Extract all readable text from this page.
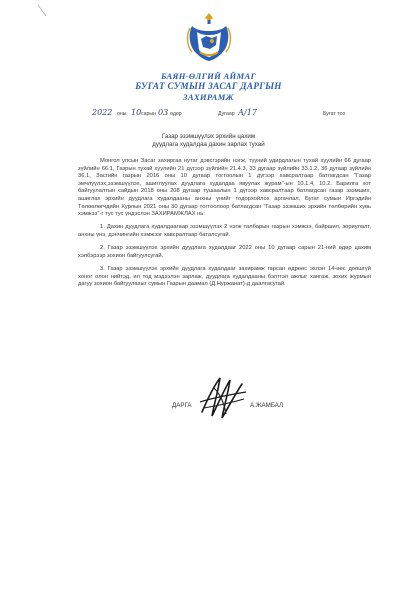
БАЯН-ӨЛГИЙ АЙМАГ
БУГАТ СУМЫН ЗАСАГ ДАРГЫН
ЗАХИРАМЖ
2022 оны 10 сарын 03 өдөр	Дугаар А/17	Бугат тоо
Газар эзэмшүүлэх эрхийн цахим
дуудлага худалдаа дахин зарлах тухай

Монгол улсын Засаг захиргаа нутаг дэвсгэрийн нэгж, түүний удирдлагын тухай хуулийн 66 дугаар зүйлийн 66.1, Газрын тухай хуулийн 21 дүгээр зүйлийн 21.4.3, 33 дугаар зүйлийн 33.1.2, 36 дугаар зүйлийн 36.1, Засгийн газрын 2016 оны 10 дугаар тогтоолын 1 дүгээр хавсралтаар батлагдсан "Газар эмчлүүлэх,эзэмшүүлэх, ашиглуулах дуудлага худалдаа явуулах журам"-ын 10.1.4, 10.2. Барилга хот байгуулалтын сайдын 2018 оны 208 дугаар тушаалын 1 дүгээр хавсралтаар батлагдсан газар эзэмших, ашиглах эрхийн дуудлага худалдааны анхны үнийг тодорхойлох аргачлал, Бугат сумын Иргэдийн Төлөөлөгчдийн Хурлын 2021 оны 30 дугаар тогтоолоор батлагдсан "Газар эзэмших эрхийн төлбөрийн хувь хэмжээ"-г тус тус үндэслэн ЗАХИРАМЖЛАХ нь:

1. Дахин дуудлага худалдаагаар эзэмшүүлэх 2 нэгж талбарын газрын хэмжээ, байршил, зориулалт, анхны үнэ, дэнчингийн хэмжээг хавсралтаар баталсугай.

2. Газар эзэмшүүлэх эрхийн дуудлага худалдааг 2022 оны 10 дугаар сарын 21-ний өдөр цахим хэлбэрээр зохион байгуулсугай.

3. Газар эзэмшүүлэх эрхийн дуудлага худалдааг захирамж гарсан өдрөөс эхлэн 14-өөс доошгүй хоног олон нийтэд, ил тод мэдээлэн зарлаж, дуудлага худалдааны бэлтгэл ажлыг хангаж, зохих журмын дагуу зохион байгуулахыг сумын Газрын даамал (Д.Нуржанат)-д даалгасугай.

ДАРГА	А.ЖАМБАЛ
